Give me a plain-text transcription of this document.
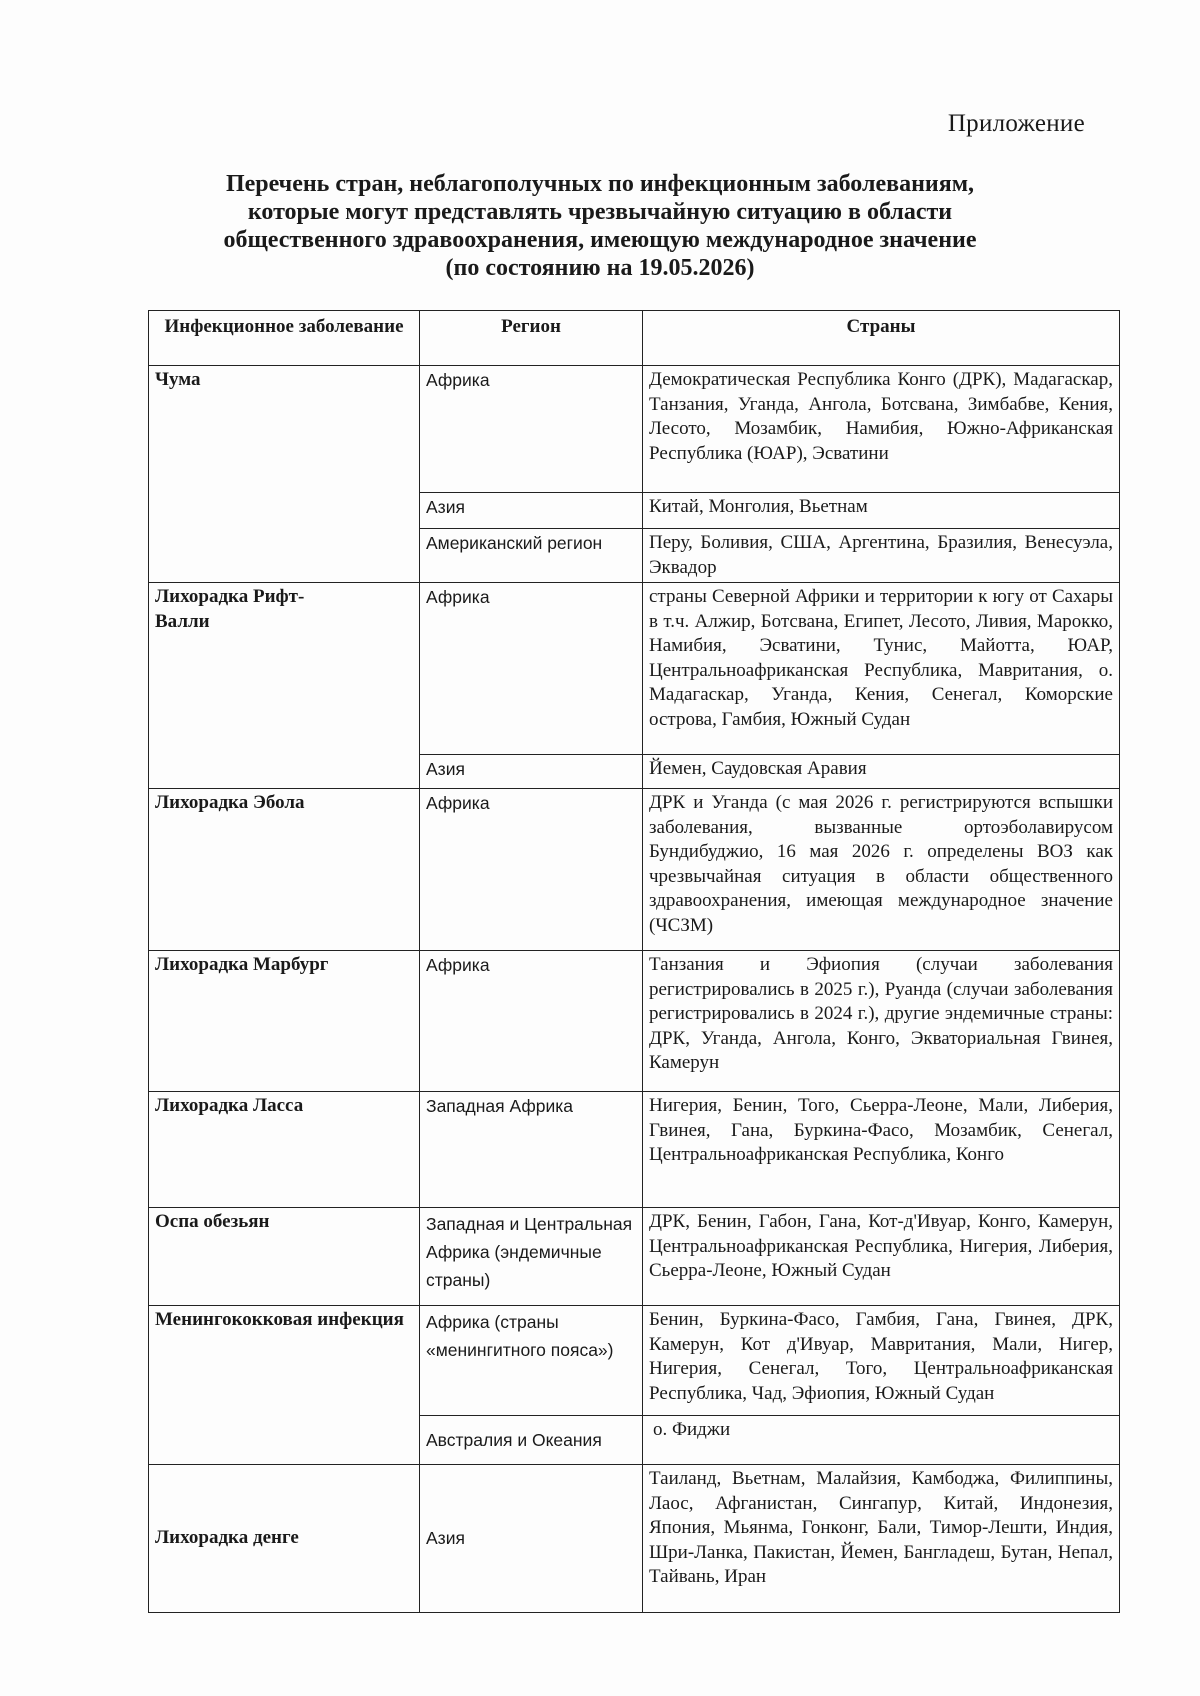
Приложение
Перечень стран, неблагополучных по инфекционным заболеваниям,
которые могут представлять чрезвычайную ситуацию в области
общественного здравоохранения, имеющую международное значение
(по состоянию на 19.05.2026)
Инфекционное заболевание	Регион	Страны
Чума	Африка	Демократическая Республика Конго (ДРК), Мадагаскар, Танзания, Уганда, Ангола, Ботсвана, Зимбабве, Кения, Лесото, Мозамбик, Намибия, Южно-Африканская Республика (ЮАР), Эсватини
	Азия	Китай, Монголия, Вьетнам
	Американский регион	Перу, Боливия, США, Аргентина, Бразилия, Венесуэла, Эквадор
Лихорадка Рифт-Валли	Африка	страны Северной Африки и территории к югу от Сахары в т.ч. Алжир, Ботсвана, Египет, Лесото, Ливия, Марокко, Намибия, Эсватини, Тунис, Майотта, ЮАР, Центральноафриканская Республика, Мавритания, о. Мадагаскар, Уганда, Кения, Сенегал, Коморские острова, Гамбия, Южный Судан
	Азия	Йемен, Саудовская Аравия
Лихорадка Эбола	Африка	ДРК и Уганда (с мая 2026 г. регистрируются вспышки заболевания, вызванные ортоэболавирусом Бундибуджио, 16 мая 2026 г. определены ВОЗ как чрезвычайная ситуация в области общественного здравоохранения, имеющая международное значение (ЧСЗМ)
Лихорадка Марбург	Африка	Танзания и Эфиопия (случаи заболевания регистрировались в 2025 г.), Руанда (случаи заболевания регистрировались в 2024 г.), другие эндемичные страны: ДРК, Уганда, Ангола, Конго, Экваториальная Гвинея, Камерун
Лихорадка Ласса	Западная Африка	Нигерия, Бенин, Того, Сьерра-Леоне, Мали, Либерия, Гвинея, Гана, Буркина-Фасо, Мозамбик, Сенегал, Центральноафриканская Республика, Конго
Оспа обезьян	Западная и Центральная Африка (эндемичные страны)	ДРК, Бенин, Габон, Гана, Кот-д'Ивуар, Конго, Камерун, Центральноафриканская Республика, Нигерия, Либерия, Сьерра-Леоне, Южный Судан
Менингококковая инфекция	Африка (страны «менингитного пояса»)	Бенин, Буркина-Фасо, Гамбия, Гана, Гвинея, ДРК, Камерун, Кот д'Ивуар, Мавритания, Мали, Нигер, Нигерия, Сенегал, Того, Центральноафриканская Республика, Чад, Эфиопия, Южный Судан
	Австралия и Океания	о. Фиджи
Лихорадка денге	Азия	Таиланд, Вьетнам, Малайзия, Камбоджа, Филиппины, Лаос, Афганистан, Сингапур, Китай, Индонезия, Япония, Мьянма, Гонконг, Бали, Тимор-Лешти, Индия, Шри-Ланка, Пакистан, Йемен, Бангладеш, Бутан, Непал, Тайвань, Иран
